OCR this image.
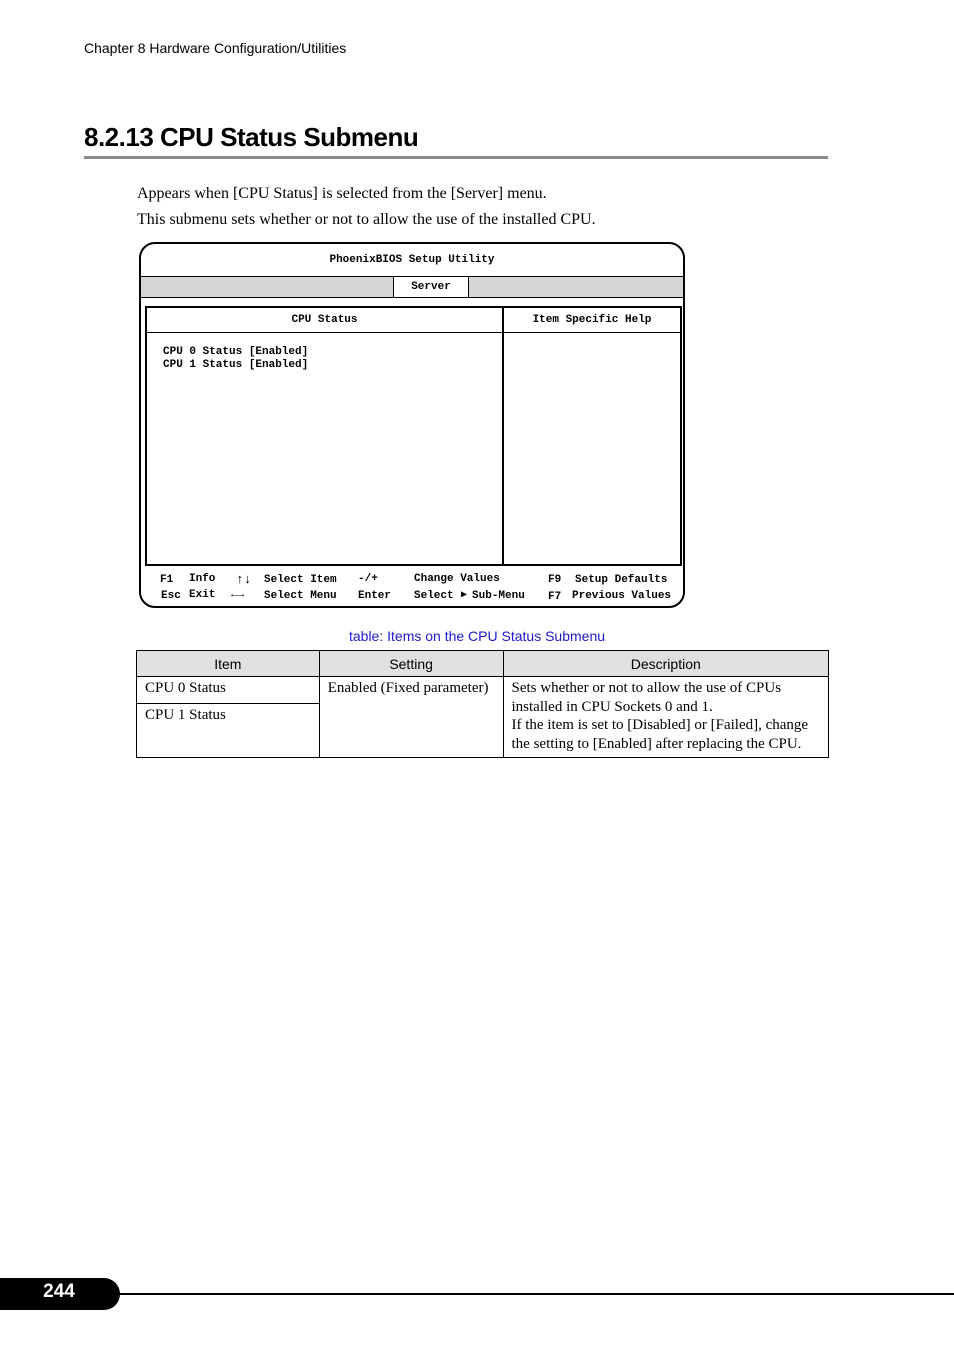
Chapter 8 Hardware Configuration/Utilities
8.2.13 CPU Status Submenu
Appears when [CPU Status] is selected from the [Server] menu.
This submenu sets whether or not to allow the use of the installed CPU.
PhoenixBIOS Setup Utility
Server
CPU Status
CPU 0 Status [Enabled]
CPU 1 Status [Enabled]
Item Specific Help
F1 Info ↑↓ Select Item -/+	Change Values	F9 Setup Defaults
Esc Exit ←→ Select Menu Enter Select ▶ Sub-Menu F7 Previous Values
table: Items on the CPU Status Submenu
Item	Setting	Description
CPU 0 Status	Enabled (Fixed parameter)	Sets whether or not to allow the use of CPUs
installed in CPU Sockets 0 and 1.
If the item is set to [Disabled] or [Failed], change
the setting to [Enabled] after replacing the CPU.

CPU 1 Status		
244
